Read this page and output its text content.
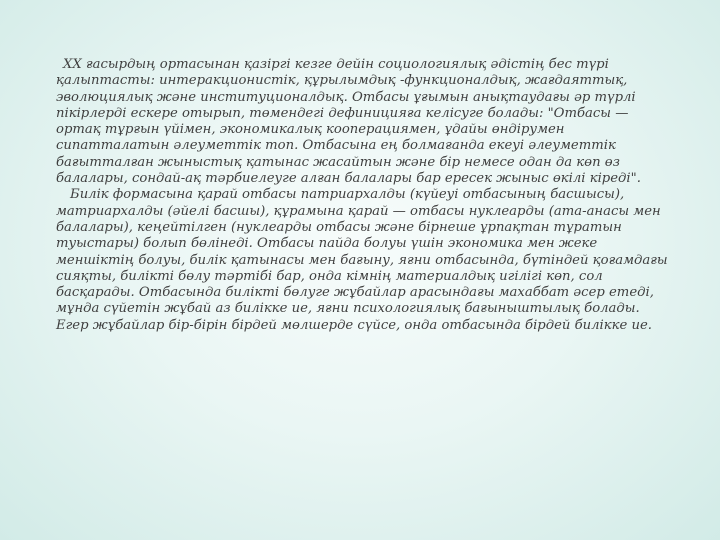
XX ғасырдың ортасынан қазіргі кезге дейін социологиялық әдістің бес түрі қалыптасты: интеракционистік, құрылымдық -функционалдық, жағдаяттық, эволюциялық және институционалдық. Отбасы ұғымын анықтаудағы әр түрлі пікірлерді ескере отырып, төмендегі дефиницияға келісуге болады: "Отбасы — ортақ тұрғын үйімен, экономикалық кооперациямен, ұдайы өндірумен сипатталатын әлеуметтік топ. Отбасына ең болмағанда екеуі әлеуметтік бағытталған жыныстық қатынас жасайтын және бір немесе одан да көп өз балалары, сондай-ақ тәрбиелеуге алған балалары бар ересек жыныс өкілі кіреді".

Билік формасына қарай отбасы патриархалды (күйеуі отбасының басшысы), матриархалды (әйелі басшы), құрамына қарай — отбасы нуклеарды (ата-анасы мен балалары), кеңейтілген (нуклеарды отбасы және бірнеше ұрпақтан тұратын туыстары) болып бөлінеді. Отбасы пайда болуы үшін экономика мен жеке меншіктің болуы, билік қатынасы мен бағыну, яғни отбасында, бүтіндей қоғамдағы сияқты, билікті бөлу тәртібі бар, онда кімнің материалдық игілігі көп, сол басқарады. Отбасында билікті бөлуге жұбайлар арасындағы махаббат әсер етеді, мұнда сүйетін жұбай аз билікке ие, яғни психологиялық бағыныштылық болады. Егер жұбайлар бір-бірін бірдей мөлшерде сүйсе, онда отбасында бірдей билікке ие.
